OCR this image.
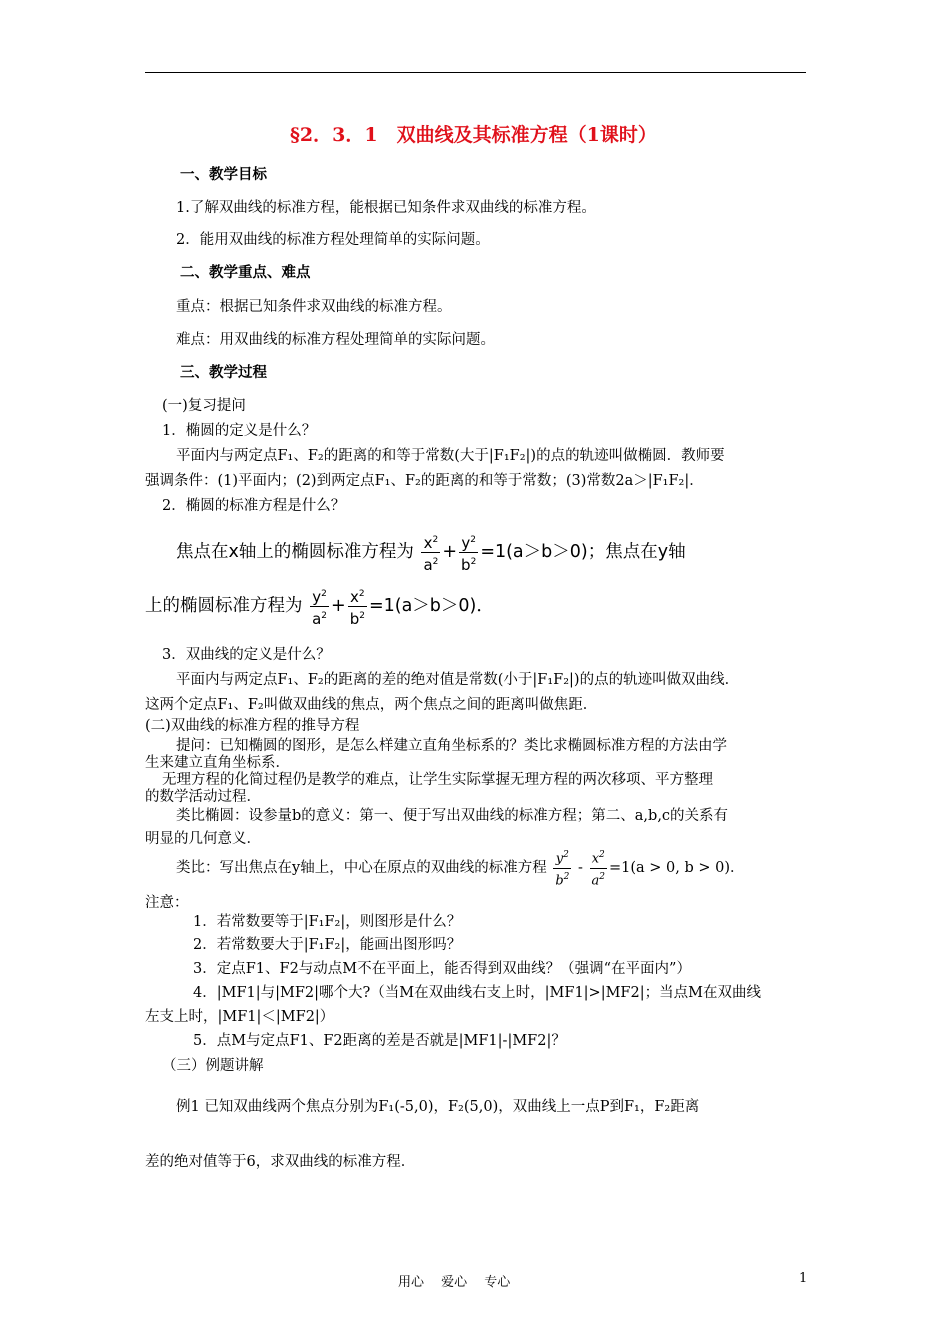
§2．3．1　双曲线及其标准方程（1课时）
一、教学目标
1.了解双曲线的标准方程，能根据已知条件求双曲线的标准方程。
2．能用双曲线的标准方程处理简单的实际问题。
二、教学重点、难点
重点：根据已知条件求双曲线的标准方程。
难点：用双曲线的标准方程处理简单的实际问题。
三、教学过程
(一)复习提问
1．椭圆的定义是什么？
平面内与两定点F₁、F₂的距离的和等于常数(大于|F₁F₂|)的点的轨迹叫做椭圆．教师要
强调条件：(1)平面内；(2)到两定点F₁、F₂的距离的和等于常数；(3)常数2a＞|F₁F₂|．
2．椭圆的标准方程是什么？
焦点在x轴上的椭圆标准方程为 $\frac{x^2}{a^2} + \frac{y^2}{b^2} =1(a>b>0)$；焦点在y轴
上的椭圆标准方程为 $\frac{y^2}{a^2} + \frac{x^2}{b^2} =1(a>b>0)$．
3．双曲线的定义是什么？
平面内与两定点F₁、F₂的距离的差的绝对值是常数(小于|F₁F₂|)的点的轨迹叫做双曲线．
这两个定点F₁、F₂叫做双曲线的焦点，两个焦点之间的距离叫做焦距．
(二)双曲线的标准方程的推导方程
提问：已知椭圆的图形，是怎么样建立直角坐标系的？类比求椭圆标准方程的方法由学
生来建立直角坐标系．
无理方程的化简过程仍是教学的难点，让学生实际掌握无理方程的两次移项、平方整理
的数学活动过程．
类比椭圆：设参量b的意义：第一、便于写出双曲线的标准方程；第二、a,b,c的关系有
明显的几何意义．
类比：写出焦点在y轴上，中心在原点的双曲线的标准方程 $\frac{y^2}{b^2} - \frac{x^2}{a^2} =1(a > 0$, b > 0)．
注意：
1．若常数要等于|F₁F₂|，则图形是什么？
2．若常数要大于|F₁F₂|，能画出图形吗？
3．定点F1、F2与动点M不在平面上，能否得到双曲线？（强调“在平面内”）
4．|MF1|与|MF2|哪个大?（当M在双曲线右支上时，|MF1|>|MF2|；当点M在双曲线
左支上时，|MF1|＜|MF2|）
5．点M与定点F1、F2距离的差是否就是|MF1|-|MF2|？
（三）例题讲解
例1 已知双曲线两个焦点分别为F₁(-5,0)，F₂(5,0)，双曲线上一点P到F₁，F₂距离
差的绝对值等于6，求双曲线的标准方程．
用心　 爱心　 专心	1
